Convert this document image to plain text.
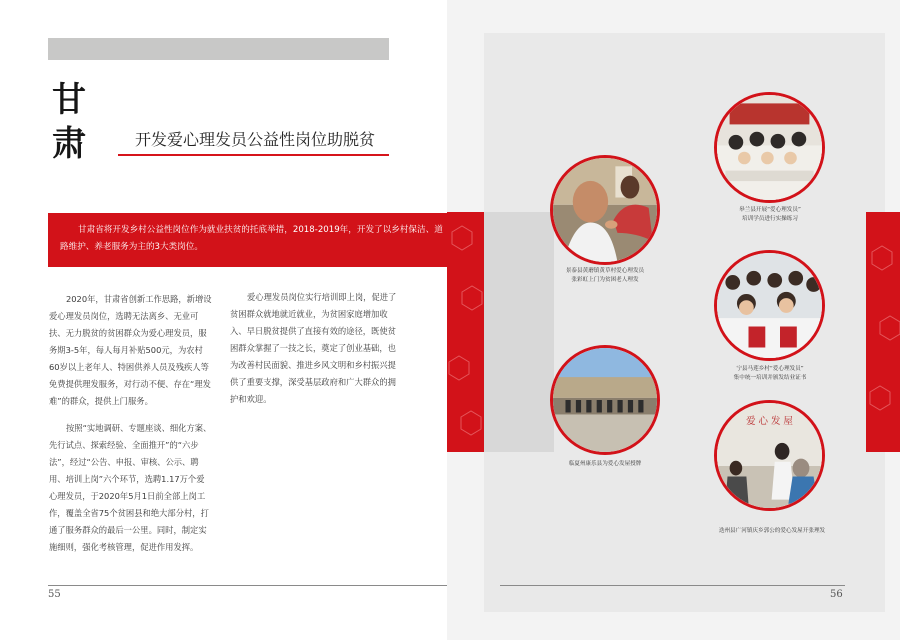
甘
肃	开发爱心理发员公益性岗位助脱贫

甘肃省将开发乡村公益性岗位作为就业扶贫的托底举措，2018-2019年，开发了以乡村保洁、道路维护、养老服务为主的3大类岗位。

2020年，甘肃省创新工作思路，新增设爱心理发员岗位，选聘无法离乡、无业可扶、无力脱贫的贫困群众为爱心理发员，服务期3-5年，每人每月补贴500元，为农村60岁以上老年人、特困供养人员及残疾人等免费提供理发服务，对行动不便、存在“理发难”的群众，提供上门服务。

按照“实地调研、专题座谈、细化方案、先行试点、探索经验、全面推开”的“六步法”，经过“公告、申报、审核、公示、聘用、培训上岗”六个环节，选聘1.17万个爱心理发员，于2020年5月1日前全部上岗工作，覆盖全省75个贫困县和绝大部分村，打通了服务群众的最后一公里。同时，制定实施细则，强化考核管理，促进作用发挥。

爱心理发员岗位实行培训即上岗，促进了贫困群众就地就近就业，为贫困家庭增加收入、早日脱贫提供了直接有效的途径，既使贫困群众掌握了一技之长，奠定了创业基础，也为改善村民面貌、推进乡风文明和乡村振兴提供了重要支撑，深受基层政府和广大群众的拥护和欢迎。

景泰县黄蘑镇黄草村爱心理发员
张彩虹上门为贫困老人理发
皋兰县开展“爱心理发员”
培训学员进行实操练习
宁县马莲乡村“爱心理发员”
集中统一培训并颁发结业证书
临夏州康乐县为爱心发屋授牌
爱 心 发 屋
迭州县广河镇庆乡郭公的爱心发屋开张理发
55	56
